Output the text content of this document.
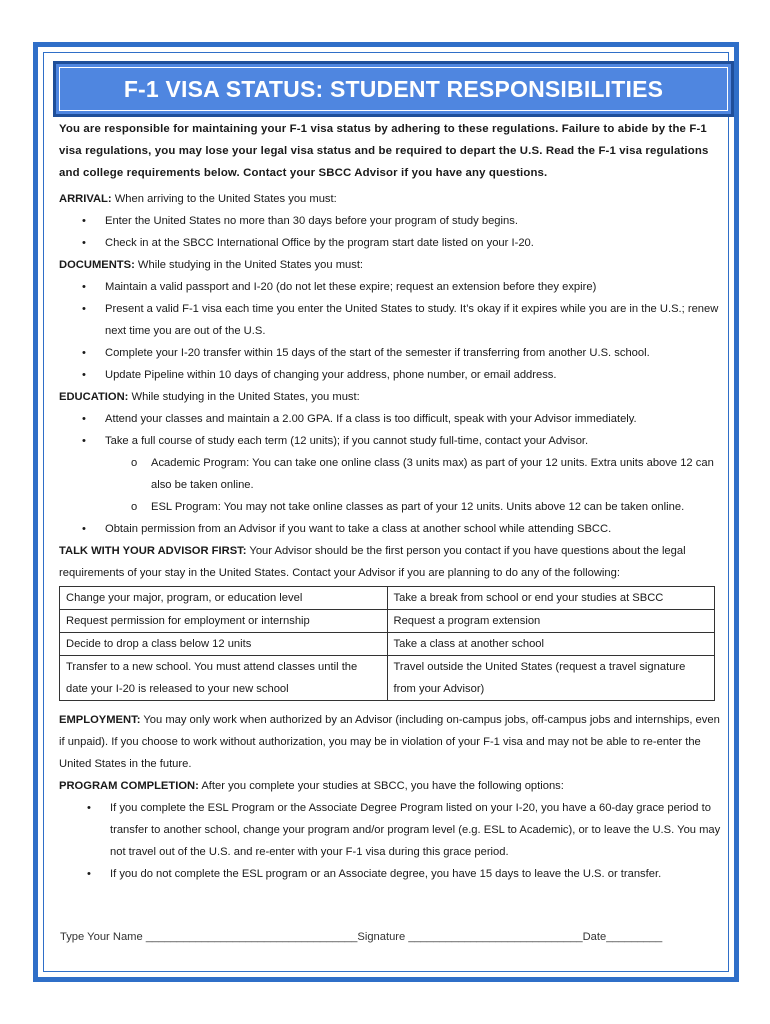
F-1 VISA STATUS: STUDENT RESPONSIBILITIES

You are responsible for maintaining your F-1 visa status by adhering to these regulations. Failure to abide by the F-1 visa regulations, you may lose your legal visa status and be required to depart the U.S. Read the F-1 visa regulations and college requirements below. Contact your SBCC Advisor if you have any questions.

ARRIVAL: When arriving to the United States you must:
• Enter the United States no more than 30 days before your program of study begins.
• Check in at the SBCC International Office by the program start date listed on your I-20.
DOCUMENTS: While studying in the United States you must:
• Maintain a valid passport and I-20 (do not let these expire; request an extension before they expire)
• Present a valid F-1 visa each time you enter the United States to study. It’s okay if it expires while you are in the U.S.; renew next time you are out of the U.S.
• Complete your I-20 transfer within 15 days of the start of the semester if transferring from another U.S. school.
• Update Pipeline within 10 days of changing your address, phone number, or email address.
EDUCATION: While studying in the United States, you must:
• Attend your classes and maintain a 2.00 GPA. If a class is too difficult, speak with your Advisor immediately.
• Take a full course of study each term (12 units); if you cannot study full-time, contact your Advisor.
o Academic Program: You can take one online class (3 units max) as part of your 12 units. Extra units above 12 can also be taken online.
o ESL Program: You may not take online classes as part of your 12 units. Units above 12 can be taken online.
• Obtain permission from an Advisor if you want to take a class at another school while attending SBCC.
TALK WITH YOUR ADVISOR FIRST: Your Advisor should be the first person you contact if you have questions about the legal requirements of your stay in the United States. Contact your Advisor if you are planning to do any of the following:
Change your major, program, or education level	Take a break from school or end your studies at SBCC
Request permission for employment or internship	Request a program extension
Decide to drop a class below 12 units	Take a class at another school
Transfer to a new school. You must attend classes until the date your I-20 is released to your new school	Travel outside the United States (request a travel signature from your Advisor)
EMPLOYMENT: You may only work when authorized by an Advisor (including on-campus jobs, off-campus jobs and internships, even if unpaid). If you choose to work without authorization, you may be in violation of your F-1 visa and may not be able to re-enter the United States in the future.
PROGRAM COMPLETION: After you complete your studies at SBCC, you have the following options:
• If you complete the ESL Program or the Associate Degree Program listed on your I-20, you have a 60-day grace period to transfer to another school, change your program and/or program level (e.g. ESL to Academic), or to leave the U.S. You may not travel out of the U.S. and re-enter with your F-1 visa during this grace period.
• If you do not complete the ESL program or an Associate degree, you have 15 days to leave the U.S. or transfer.
Type Your Name __________________________________Signature ____________________________Date_________
